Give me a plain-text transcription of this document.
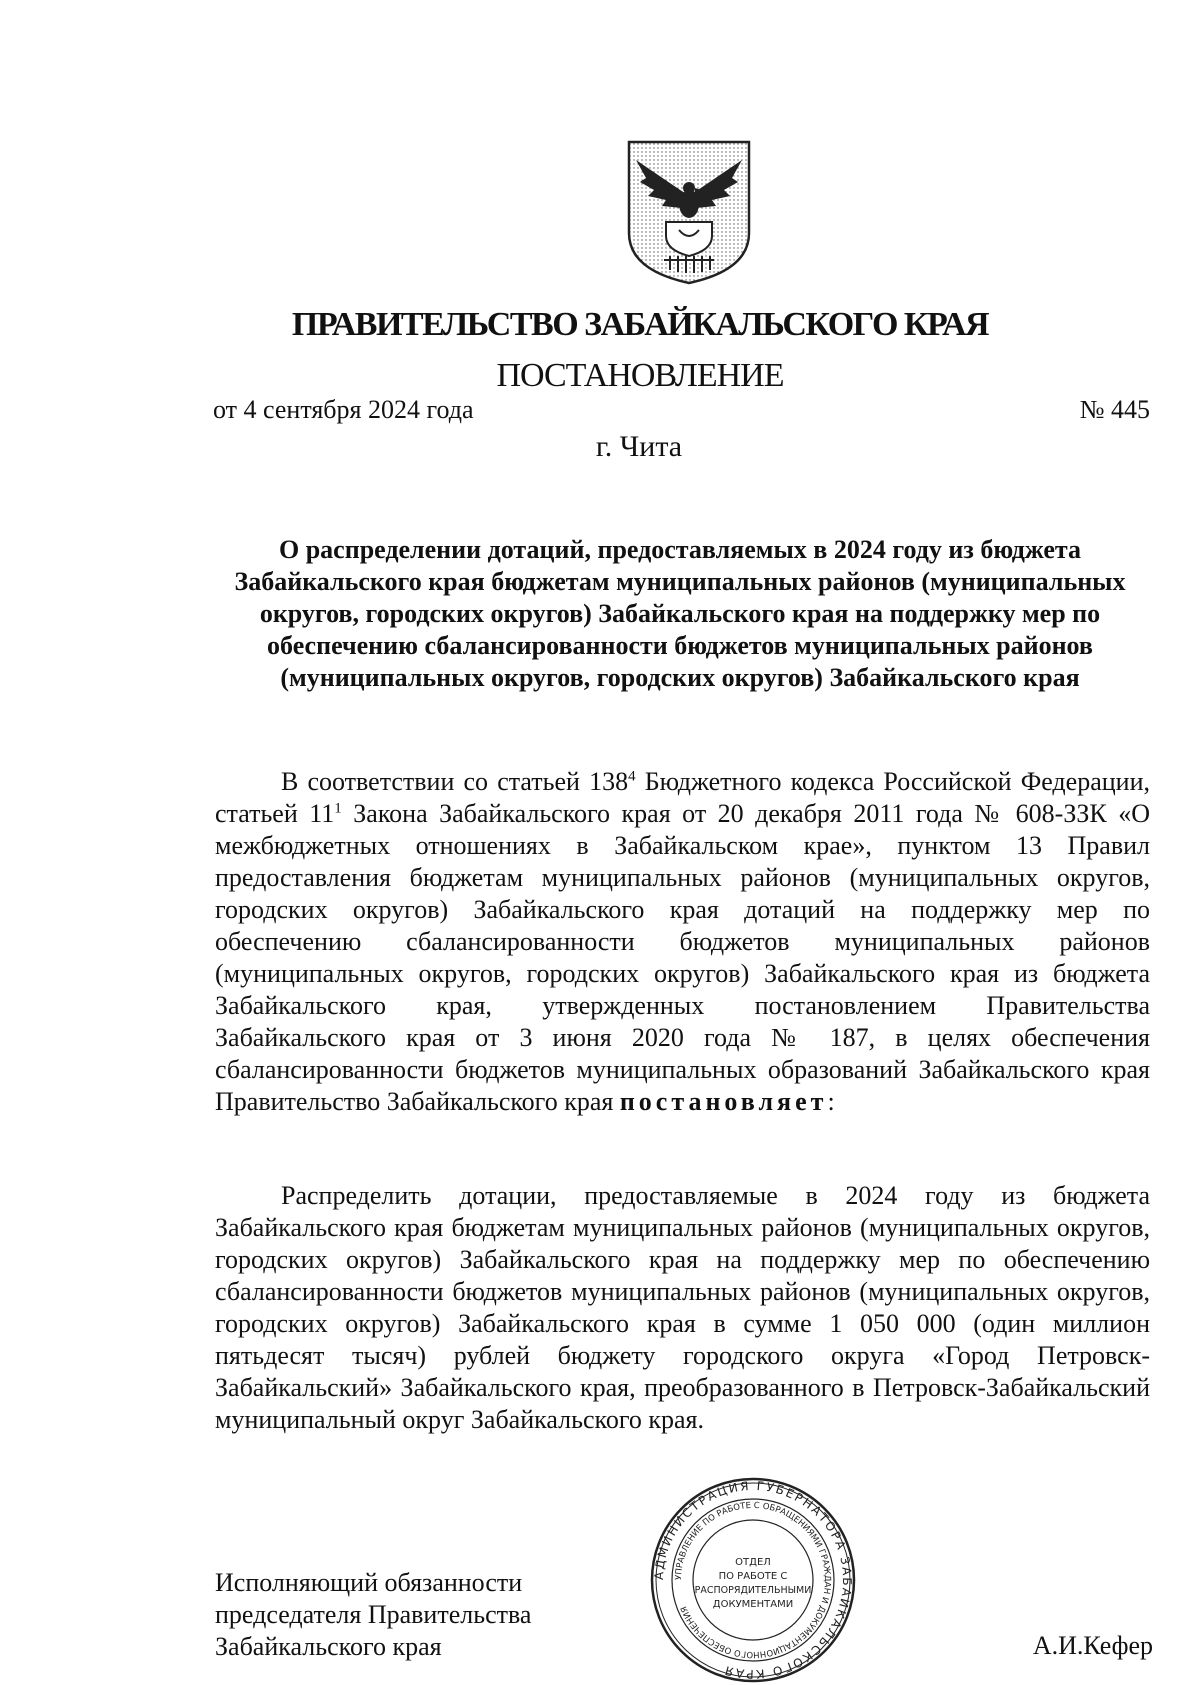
ПРАВИТЕЛЬСТВО ЗАБАЙКАЛЬСКОГО КРАЯ
ПОСТАНОВЛЕНИЕ
от 4 сентября 2024 года	№ 445
г. Чита
О распределении дотаций, предоставляемых в 2024 году из бюджета Забайкальского края бюджетам муниципальных районов (муниципальных округов, городских округов) Забайкальского края на поддержку мер по обеспечению сбалансированности бюджетов муниципальных районов (муниципальных округов, городских округов) Забайкальского края

В соответствии со статьей $138^4$ Бюджетного кодекса Российской Федерации, статьей $11^1$ Закона Забайкальского края от 20 декабря 2011 года № 608-ЗЗК «О межбюджетных отношениях в Забайкальском крае», пунктом 13 Правил предоставления бюджетам муниципальных районов (муниципальных округов, городских округов) Забайкальского края дотаций на поддержку мер по обеспечению сбалансированности бюджетов муниципальных районов (муниципальных округов, городских округов) Забайкальского края из бюджета Забайкальского края, утвержденных постановлением Правительства Забайкальского края от 3 июня 2020 года № 187, в целях обеспечения сбалансированности бюджетов муниципальных образований Забайкальского края Правительство Забайкальского края постановляет:

Распределить дотации, предоставляемые в 2024 году из бюджета Забайкальского края бюджетам муниципальных районов (муниципальных округов, городских округов) Забайкальского края на поддержку мер по обеспечению сбалансированности бюджетов муниципальных районов (муниципальных округов, городских округов) Забайкальского края в сумме 1 050 000 (один миллион пятьдесят тысяч) рублей бюджету городского округа «Город Петровск-Забайкальский» Забайкальского края, преобразованного в Петровск-Забайкальский муниципальный округ Забайкальского края.

Исполняющий обязанности
председателя Правительства
Забайкальского края	А.И.Кефер
АДМИНИСТРАЦИЯ ГУБЕРНАТОРА ЗАБАЙКАЛЬСКОГО КРАЯ
УПРАВЛЕНИЕ ПО РАБОТЕ С ОБРАЩЕНИЯМИ ГРАЖДАН И ДОКУМЕНТАЦИОННОГО ОБЕСПЕЧЕНИЯ
ОТДЕЛ
ПО РАБОТЕ С
РАСПОРЯДИТЕЛЬНЫМИ
ДОКУМЕНТАМИ
